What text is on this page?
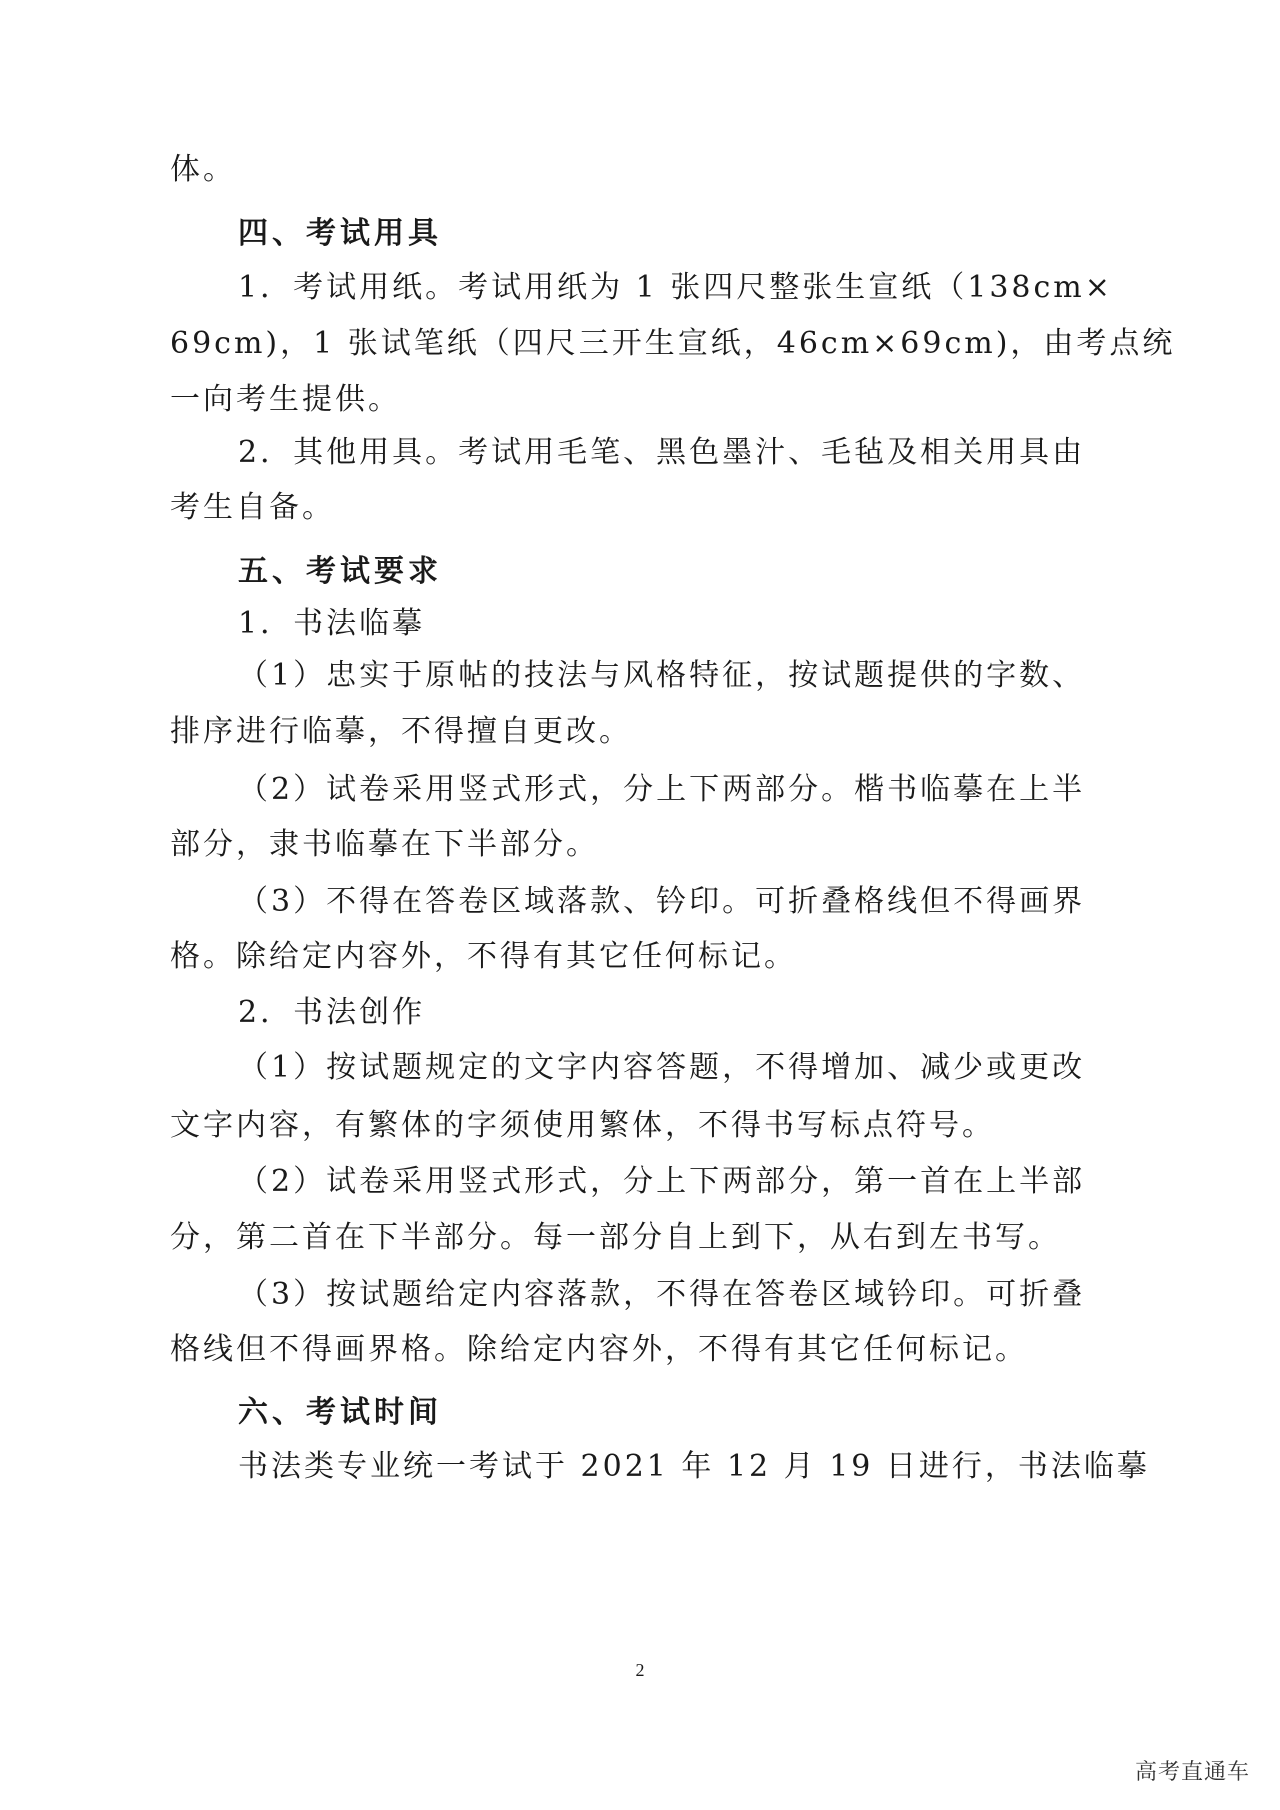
体。
四、考试用具
1．考试用纸。考试用纸为 1 张四尺整张生宣纸（138cm×
69cm)，1 张试笔纸（四尺三开生宣纸，46cm×69cm)，由考点统
一向考生提供。
2．其他用具。考试用毛笔、黑色墨汁、毛毡及相关用具由
考生自备。
五、考试要求
1．书法临摹
（1）忠实于原帖的技法与风格特征，按试题提供的字数、
排序进行临摹，不得擅自更改。
（2）试卷采用竖式形式，分上下两部分。楷书临摹在上半
部分，隶书临摹在下半部分。
（3）不得在答卷区域落款、钤印。可折叠格线但不得画界
格。除给定内容外，不得有其它任何标记。
2．书法创作
（1）按试题规定的文字内容答题，不得增加、减少或更改
文字内容，有繁体的字须使用繁体，不得书写标点符号。
（2）试卷采用竖式形式，分上下两部分，第一首在上半部
分，第二首在下半部分。每一部分自上到下，从右到左书写。
（3）按试题给定内容落款，不得在答卷区域钤印。可折叠
格线但不得画界格。除给定内容外，不得有其它任何标记。
六、考试时间
书法类专业统一考试于 2021 年 12 月 19 日进行，书法临摹
2
高考直通车
